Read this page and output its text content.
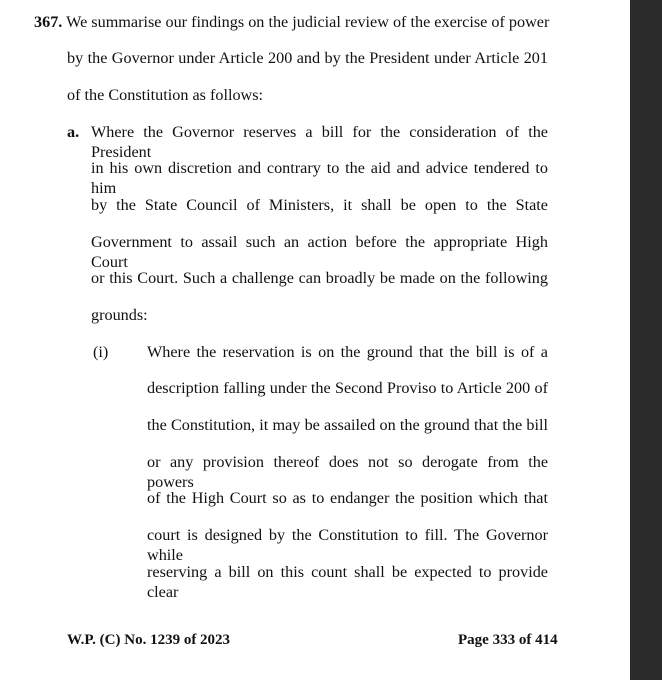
367. We summarise our findings on the judicial review of the exercise of power
by the Governor under Article 200 and by the President under Article 201
of the Constitution as follows:
a. Where the Governor reserves a bill for the consideration of the President
in his own discretion and contrary to the aid and advice tendered to him
by the State Council of Ministers, it shall be open to the State
Government to assail such an action before the appropriate High Court
or this Court. Such a challenge can broadly be made on the following
grounds:
(i) Where the reservation is on the ground that the bill is of a
description falling under the Second Proviso to Article 200 of
the Constitution, it may be assailed on the ground that the bill
or any provision thereof does not so derogate from the powers
of the High Court so as to endanger the position which that
court is designed by the Constitution to fill. The Governor while
reserving a bill on this count shall be expected to provide clear
W.P. (C) No. 1239 of 2023	Page 333 of 414
